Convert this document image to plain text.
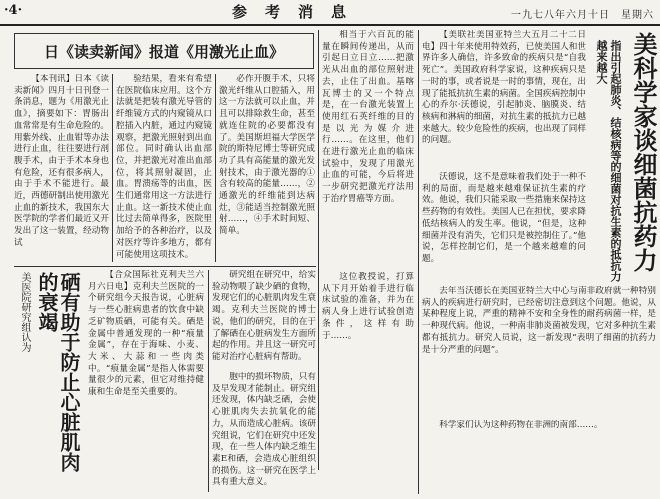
·4·	参考消息	一九七八年六月十日　星期六
日《读卖新闻》报道《用激光止血》

【本刊讯】日本《读卖新闻》四月十日刊登一条消息，题为《用激光止血》，摘要如下：胃肠出血常常是有生命危险的。用紫外线、止血钳等办法进行止血，往往要进行剖腹手术，由于手术本身也有危险，还有很多病人，由于手术不能进行。最近，西德研制出使用激光止血的新技术，我国东大医学院的学者们最近又开发出了这一装置，经动物试

验结果，看来有希望在医院临床应用。这个方法就是把装有激光导管的纤维镜方式的内窥镜从口腔插入内脏，通过内窥镜观察，把激光照射到出血部位。同时确认出血部位，并把激光对准出血部位，将其照射凝固，止血。胃溃疡等的出血，医生们通常用这一方法进行止血。这一新技术使止血比过去简单得多，医院里加给予的各种治疗，以及对医疗等许多地方，都有可能使用这项技术。

必作开腹手术，只将激光纤维从口腔插入，用这一方法就可以止血，并且可以排除救生命，甚至就连住院的必要都没有了。美国斯坦福大学医学院的斯特尼博士等研究成功了具有高能量的激光发射技术，由于激光器的①含有较高的能量……，②通激光的纤维能到达病灶，③能适当控制激光照射……，④手术时间短、简单。

相当于六百瓦的能量在瞬间传递出，从而引起日立日立……把激光从出血的部位照射进去，止住了出血。基喀瓦博士的又一个特点是，在一台激光装置上使用红石英纤维的目的是以光为媒介进行……。在这里，他们在进行激光止血的临床试验中，发现了用激光止血的可能，今后将进一步研究把激光疗法用于治疗胃癌等方面。

美医院研究组认为	硒有助于防止心脏肌肉的衰竭	【合众国际社克利夫兰六月六日电】克利夫兰医院的一个研究组今天报告说，心脏病与一些心脏病患者的饮食中缺乏矿物质硒，可能有关。硒是金属中普通发现的一种“痕量金属”，存在于海味、小麦、大米、大蒜和一些肉类中。“痕量金属”是指人体需要量很少的元素，但它对维持健康和生命是至关重要的。

研究组在研究中，给实验动物喂了缺少硒的食物，发现它们的心脏肌肉发生衰竭。克利夫兰医院的博士说，他们的研究，目的在于了解硒在心脏病发生方面所起的作用。并且这一研究可能对治疗心脏病有帮助。

胞中的损坏物质，只有及早发现才能制止。研究组还发现，体内缺乏硒，会使心脏肌肉失去抗氧化的能力，从而造成心脏病。该研究组说，它们在研究中还发现，在一些人体内缺乏维生素E和硒，会造成心脏组织的损伤。这一研究在医学上具有重大意义。

这位教授说，打算从下月开始着手进行临床试验的准备，并为在病人身上进行试验创造条件，这样有助于……。

美科学家谈细菌抗药力
指出引起肺炎、结核病等的细菌对抗生素的抵抗力越来越大

【美联社美国亚特兰大五月二十二日电】四十年来使用特效药，已使美国人和世界许多人确信，许多致命的疾病只是“自我死亡”。美国政府科学家说，这种疾病只是一时的事，或者说是一时的事情，现在，出现了能抵抗抗生素的病菌。全国疾病控制中心的乔尔·沃德说，引起肺炎、脑膜炎、结核病和淋病的细菌，对抗生素的抵抗力已越来越大。较少危险性的疾病，也出现了同样的问题。

沃德说，这不是意味着我们处于一种不利的局面，而是越来越难保证抗生素的疗效。他说，我们只能采取一些措施来保持这些药物的有效性。美国人已在担忧，要求降低结核病人的发生率。他说，“但是，这种细菌并没有消失，它们只是被控制住了。”他说，怎样控制它们，是一个越来越难的问题。

去年当沃德长在美国亚特兰大中心与南非政府就一种特别病人的疾病进行研究时，已经密切注意到这个问题。他说，从某种程度上说，严重的精神不安和全身性的耐药病菌一样，是一种现代病。他说，一种南非肺炎菌被发现，它对多种抗生素都有抵抗力。研究人员说，这一新发现“表明了细菌的抗药力是十分严重的问题”。

科学家们认为这种药物在非洲的南部……。
